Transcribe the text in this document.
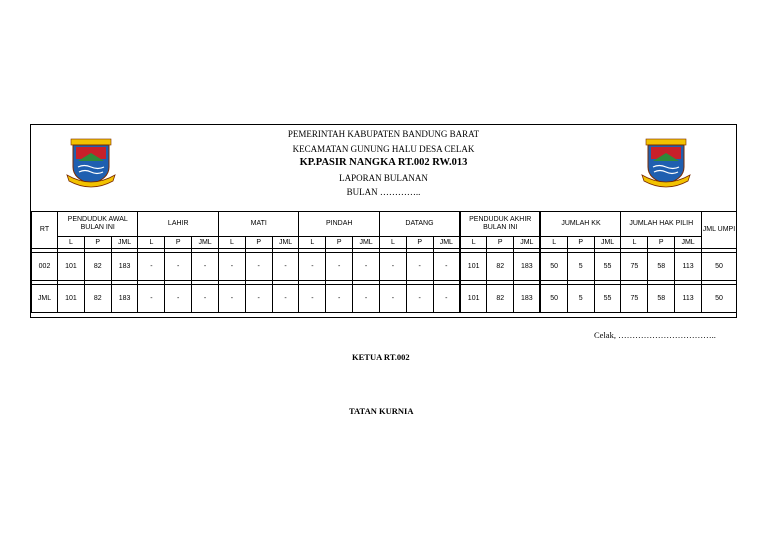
PEMERINTAH KABUPATEN BANDUNG BARAT
KECAMATAN GUNUNG HALU DESA CELAK
KP.PASIR NANGKA RT.002 RW.013
LAPORAN BULANAN
BULAN …………..
RT	PENDUDUK AWAL BULAN INI			LAHIR			MATI			PINDAH			DATANG			PENDUDUK AKHIR BULAN INI			JUMLAH KK			JUMLAH HAK PILIH			JML UMPI
	L	P	JML	L	P	JML	L	P	JML	L	P	JML	L	P	JML	L	P	JML	L	P	JML	L	P	JML	

002	101	82	183	-	-	-	-	-	-	-	-	-	-	-	-	101	82	183	50	5	55	75	58	113	50

JML	101	82	183	-	-	-	-	-	-	-	-	-	-	-	-	101	82	183	50	5	55	75	58	113	50
Celak, ……………………………..
KETUA RT.002
TATAN KURNIA
